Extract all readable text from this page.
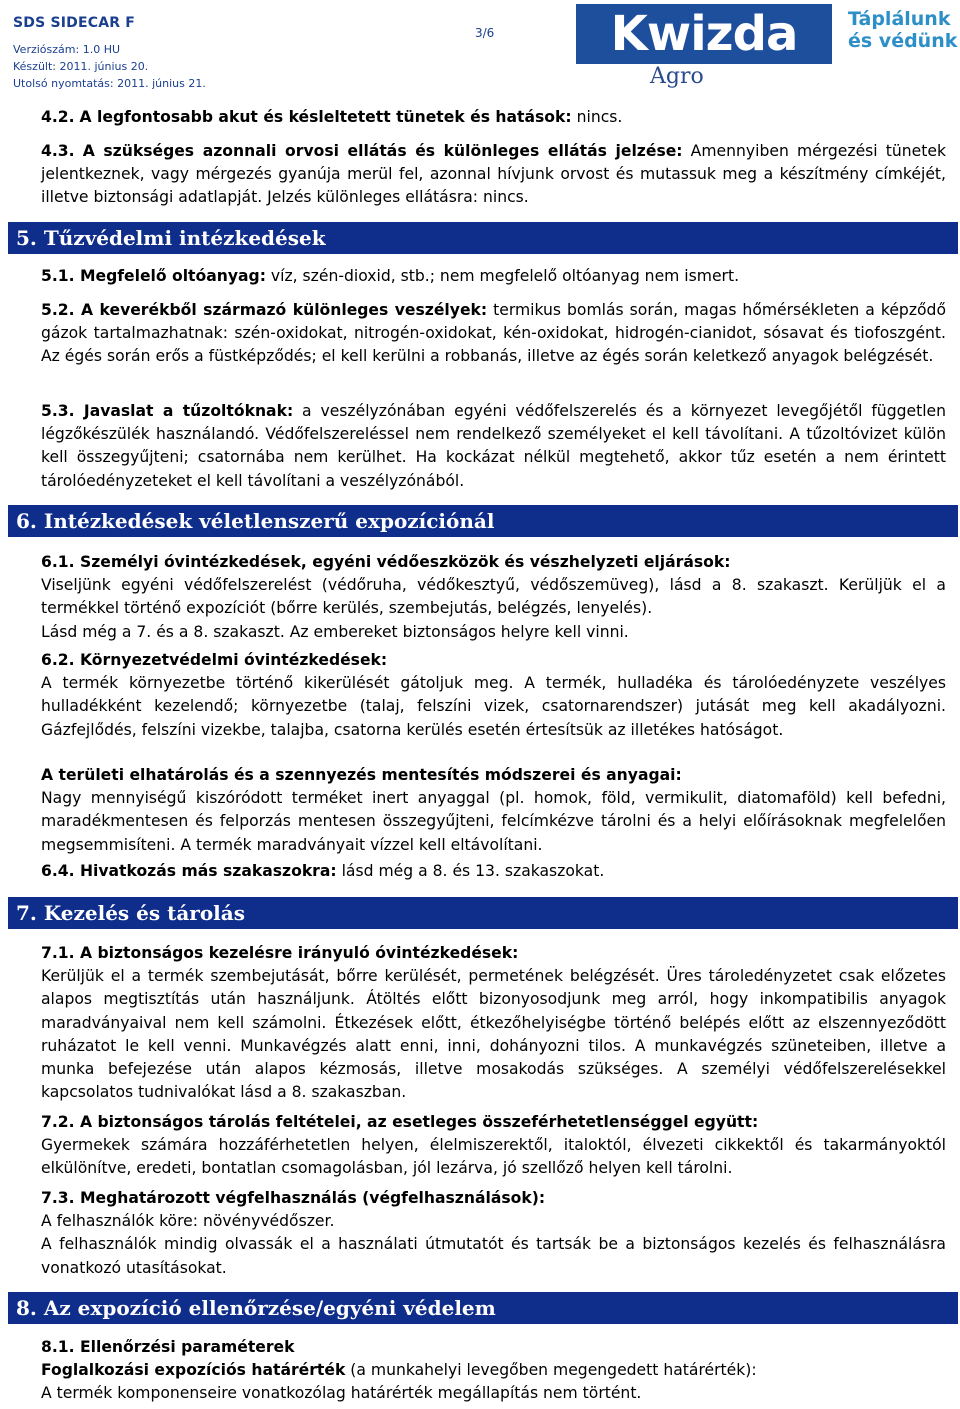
SDS SIDECAR F
Verziószám: 1.0 HU
Készült: 2011. június 20.
Utolsó nyomtatás: 2011. június 21.
3/6	Kwizda
Agro
Táplálunk
és védünk

4.2. A legfontosabb akut és késleltetett tünetek és hatások: nincs.

4.3. A szükséges azonnali orvosi ellátás és különleges ellátás jelzése: Amennyiben mérgezési tünetek jelentkeznek, vagy mérgezés gyanúja merül fel, azonnal hívjunk orvost és mutassuk meg a készítmény címkéjét, illetve biztonsági adatlapját. Jelzés különleges ellátásra: nincs.

5. Tűzvédelmi intézkedések

5.1. Megfelelő oltóanyag: víz, szén-dioxid, stb.; nem megfelelő oltóanyag nem ismert.

5.2. A keverékből származó különleges veszélyek: termikus bomlás során, magas hőmérsékleten a képződő gázok tartalmazhatnak: szén-oxidokat, nitrogén-oxidokat, kén-oxidokat, hidrogén-cianidot, sósavat és tiofoszgént. Az égés során erős a füstképződés; el kell kerülni a robbanás, illetve az égés során keletkező anyagok belégzését.

5.3. Javaslat a tűzoltóknak: a veszélyzónában egyéni védőfelszerelés és a környezet levegőjétől független légzőkészülék használandó. Védőfelszereléssel nem rendelkező személyeket el kell távolítani. A tűzoltóvizet külön kell összegyűjteni; csatornába nem kerülhet. Ha kockázat nélkül megtehető, akkor tűz esetén a nem érintett tárolóedényzeteket el kell távolítani a veszélyzónából.

6. Intézkedések véletlenszerű expozíciónál

6.1. Személyi óvintézkedések, egyéni védőeszközök és vészhelyzeti eljárások:

Viseljünk egyéni védőfelszerelést (védőruha, védőkesztyű, védőszemüveg), lásd a 8. szakaszt. Kerüljük el a termékkel történő expozíciót (bőrre kerülés, szembejutás, belégzés, lenyelés).

Lásd még a 7. és a 8. szakaszt. Az embereket biztonságos helyre kell vinni.

6.2. Környezetvédelmi óvintézkedések:

A termék környezetbe történő kikerülését gátoljuk meg. A termék, hulladéka és tárolóedényzete veszélyes hulladékként kezelendő; környezetbe (talaj, felszíni vizek, csatornarendszer) jutását meg kell akadályozni. Gázfejlődés, felszíni vizekbe, talajba, csatorna kerülés esetén értesítsük az illetékes hatóságot.

A területi elhatárolás és a szennyezés mentesítés módszerei és anyagai:

Nagy mennyiségű kiszóródott terméket inert anyaggal (pl. homok, föld, vermikulit, diatomaföld) kell befedni, maradékmentesen és felporzás mentesen összegyűjteni, felcímkézve tárolni és a helyi előírásoknak megfelelően megsemmisíteni. A termék maradványait vízzel kell eltávolítani.

6.4. Hivatkozás más szakaszokra: lásd még a 8. és 13. szakaszokat.

7. Kezelés és tárolás

7.1. A biztonságos kezelésre irányuló óvintézkedések:

Kerüljük el a termék szembejutását, bőrre kerülését, permetének belégzését. Üres tároledényzetet csak előzetes alapos megtisztítás után használjunk. Átöltés előtt bizonyosodjunk meg arról, hogy inkompatibilis anyagok maradványaival nem kell számolni. Étkezések előtt, étkezőhelyiségbe történő belépés előtt az elszennyeződött ruházatot le kell venni. Munkavégzés alatt enni, inni, dohányozni tilos. A munkavégzés szüneteiben, illetve a munka befejezése után alapos kézmosás, illetve mosakodás szükséges. A személyi védőfelszerelésekkel kapcsolatos tudnivalókat lásd a 8. szakaszban.

7.2. A biztonságos tárolás feltételei, az esetleges összeférhetetlenséggel együtt:

Gyermekek számára hozzáférhetetlen helyen, élelmiszerektől, italoktól, élvezeti cikkektől és takarmányoktól elkülönítve, eredeti, bontatlan csomagolásban, jól lezárva, jó szellőző helyen kell tárolni.

7.3. Meghatározott végfelhasználás (végfelhasználások):

A felhasználók köre: növényvédőszer.

A felhasználók mindig olvassák el a használati útmutatót és tartsák be a biztonságos kezelés és felhasználásra vonatkozó utasításokat.

8. Az expozíció ellenőrzése/egyéni védelem

8.1. Ellenőrzési paraméterek

Foglalkozási expozíciós határérték (a munkahelyi levegőben megengedett határérték):

A termék komponenseire vonatkozólag határérték megállapítás nem történt.
